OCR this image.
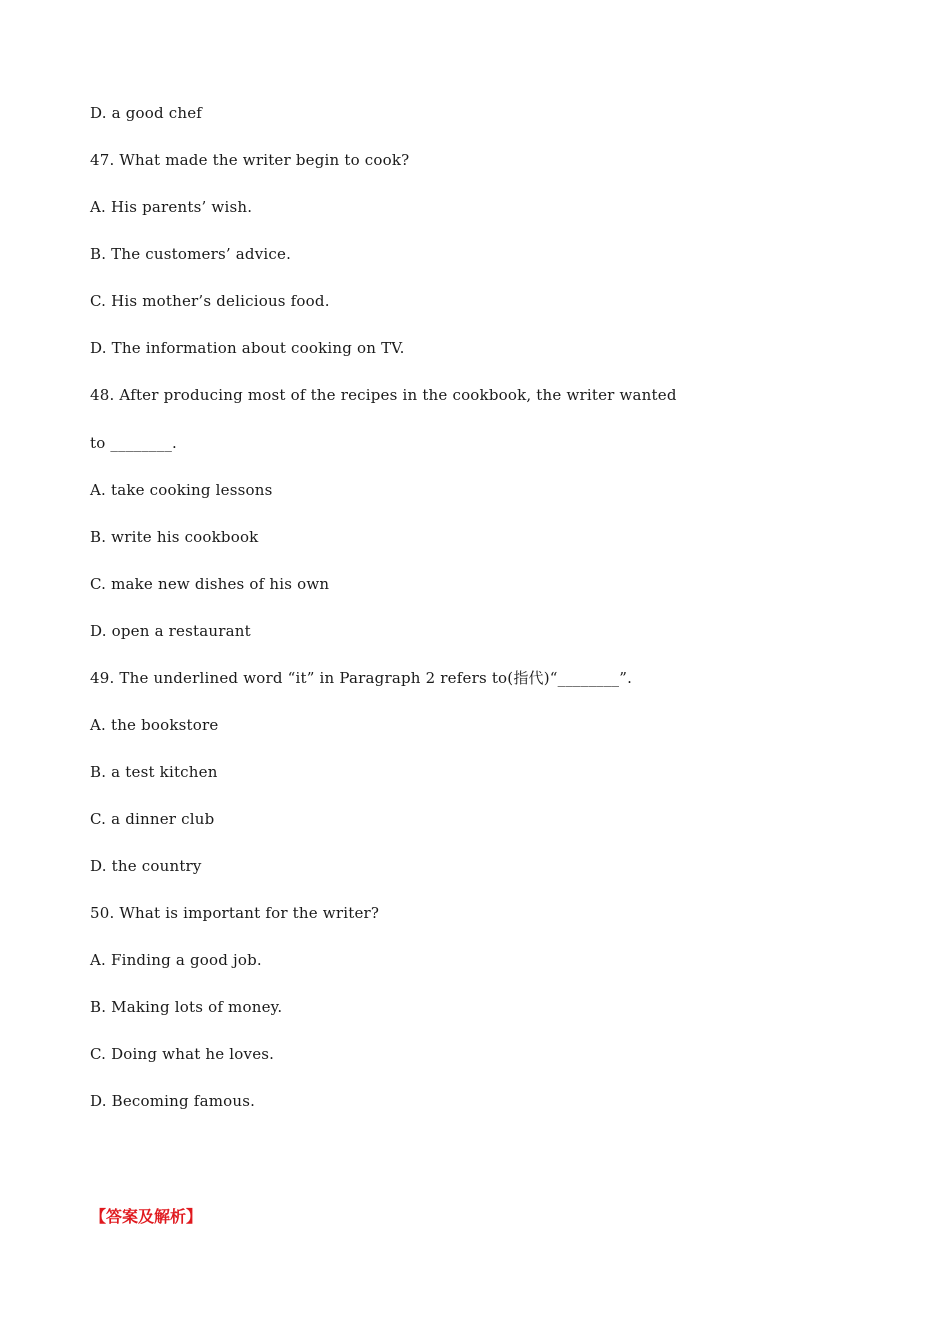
D. a good chef
47. What made the writer begin to cook?
A. His parents’ wish.
B. The customers’ advice.
C. His mother’s delicious food.
D. The information about cooking on TV.
48. After producing most of the recipes in the cookbook, the writer wanted
to ________.
A. take cooking lessons
B. write his cookbook
C. make new dishes of his own
D. open a restaurant
49. The underlined word “it” in Paragraph 2 refers to(指代)“________”.
A. the bookstore
B. a test kitchen
C. a dinner club
D. the country
50. What is important for the writer?
A. Finding a good job.
B. Making lots of money.
C. Doing what he loves.
D. Becoming famous.
【答案及解析】
